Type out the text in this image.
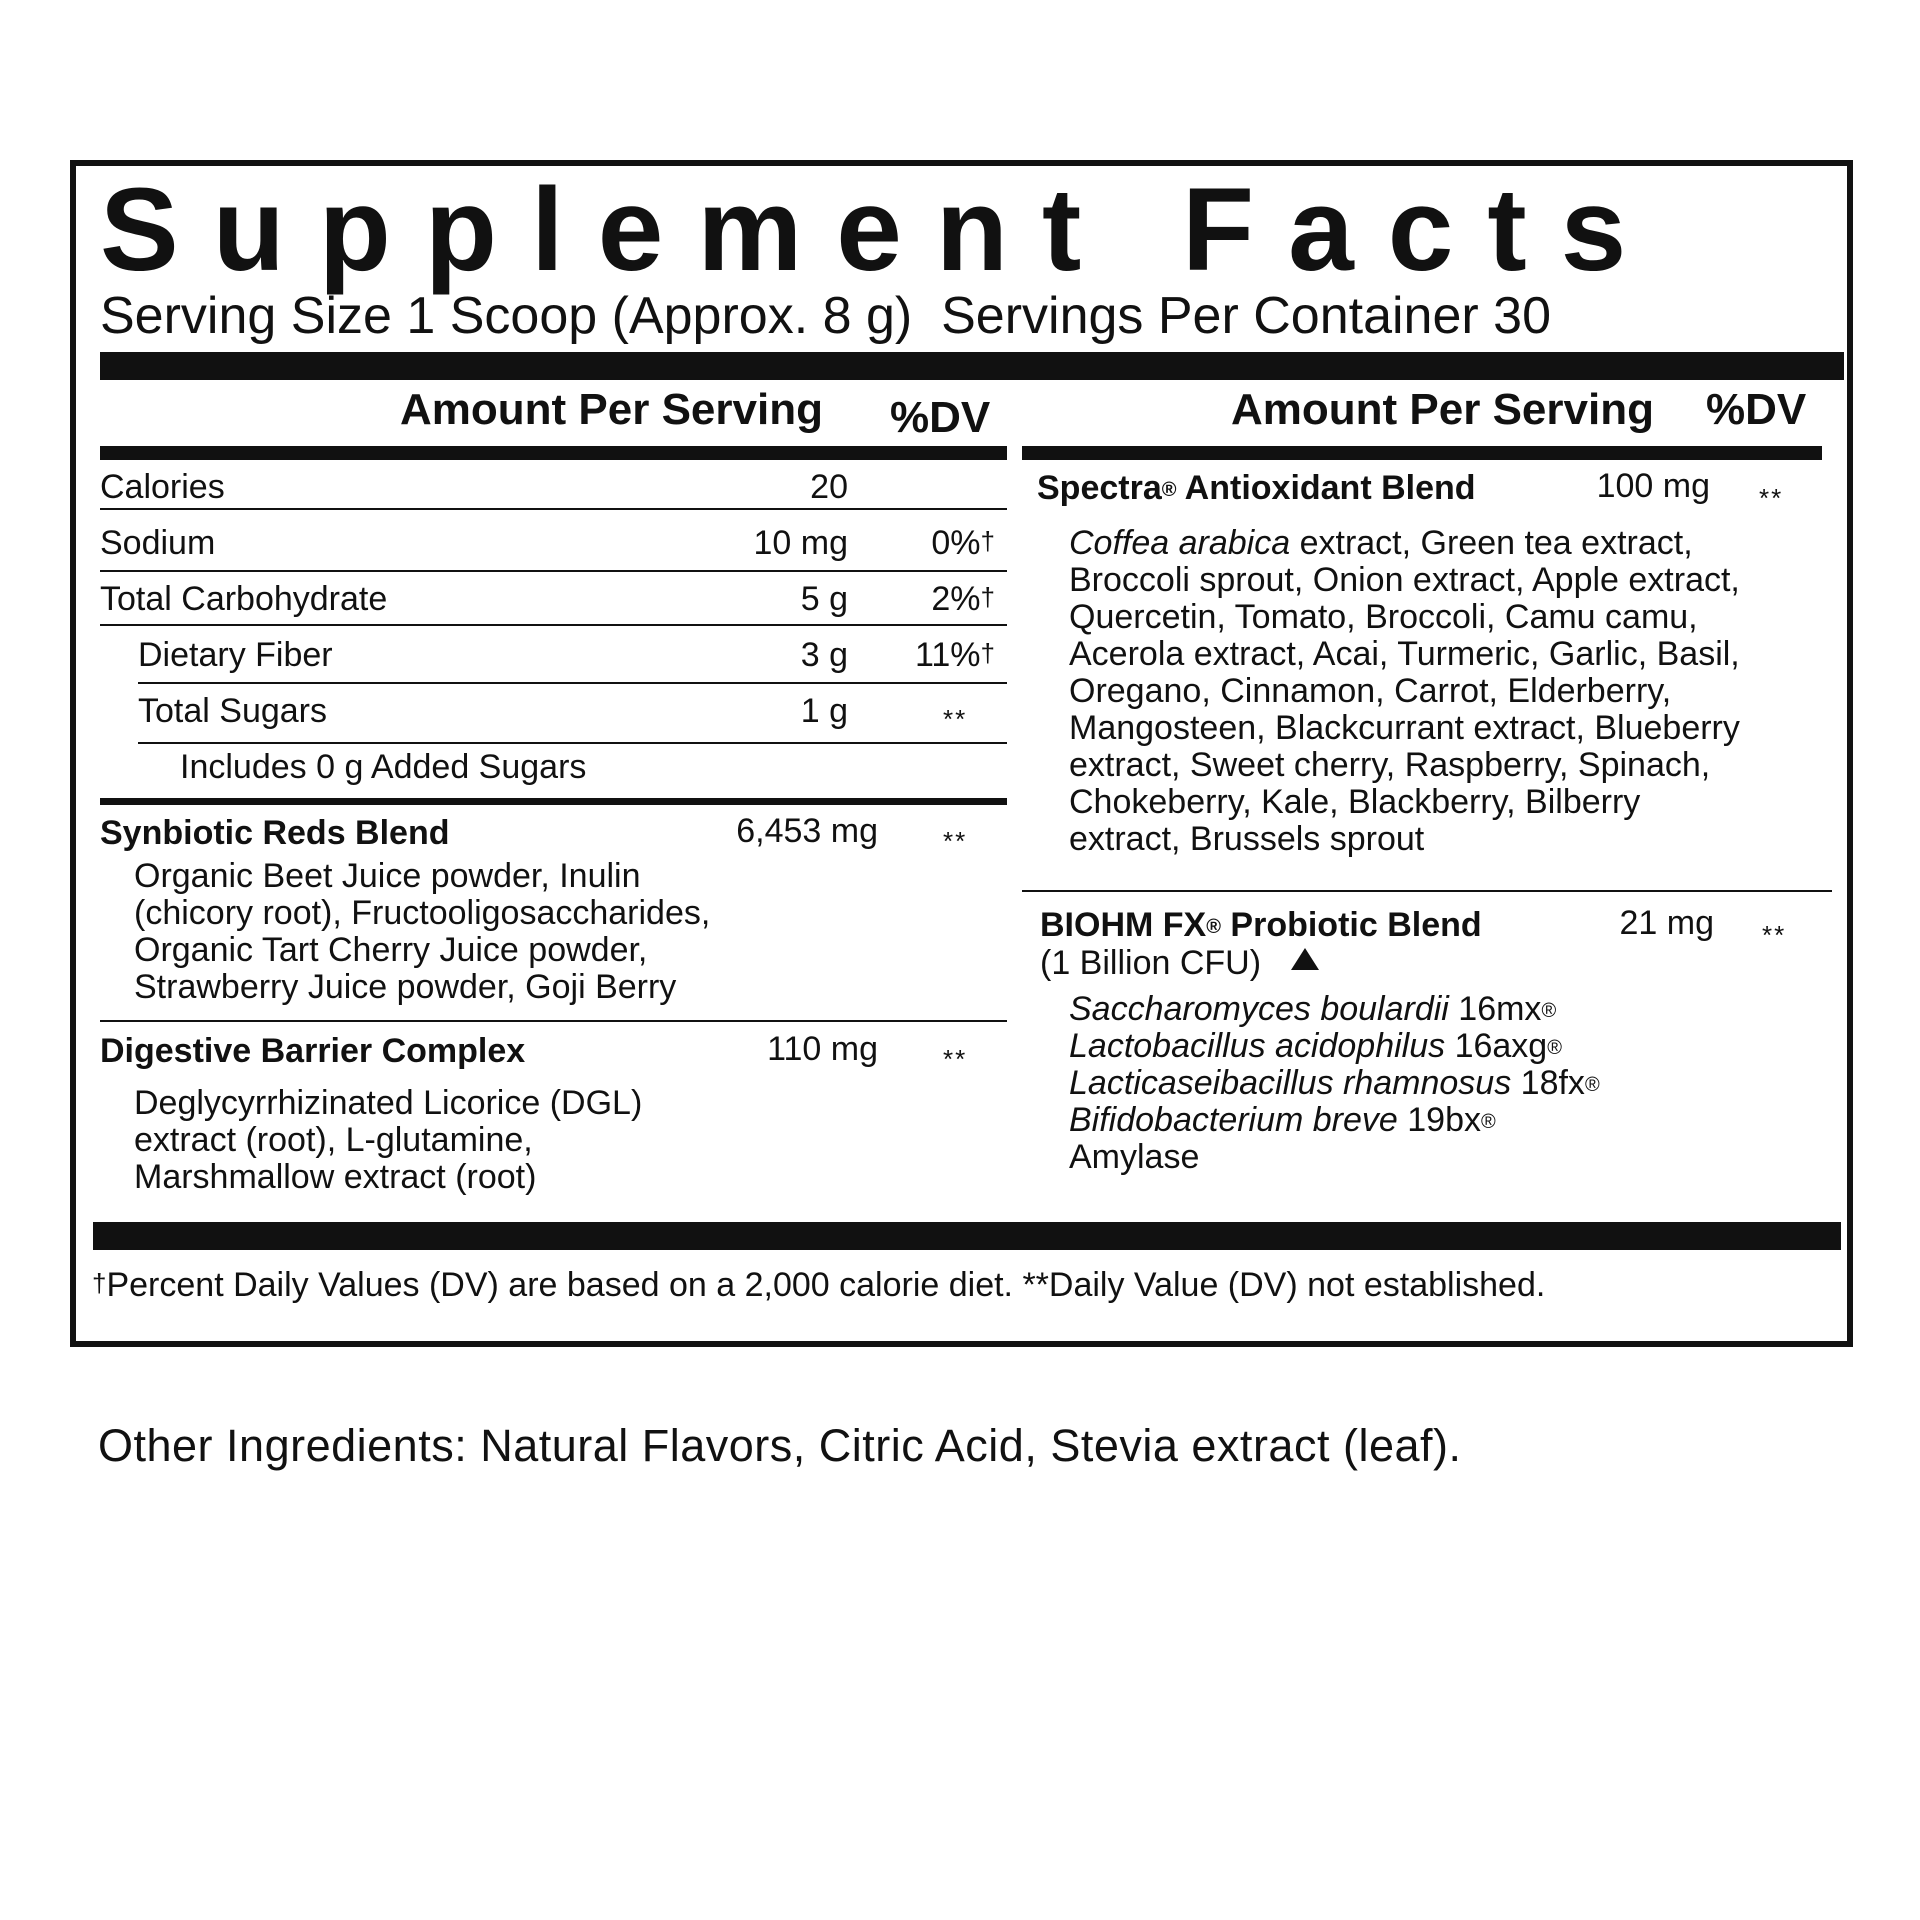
Supplement Facts
Serving Size 1 Scoop (Approx. 8 g) Servings Per Container 30
Amount Per Serving %DV
Calories	20
Sodium	10 mg	0%†
Total Carbohydrate	5 g	2%†
Dietary Fiber	3 g	11%†
Total Sugars	1 g	**
Includes 0 g Added Sugars
Synbiotic Reds Blend	6,453 mg	**
Organic Beet Juice powder, Inulin
(chicory root), Fructooligosaccharides,
Organic Tart Cherry Juice powder,
Strawberry Juice powder, Goji Berry
Digestive Barrier Complex	110 mg	**
Deglycyrrhizinated Licorice (DGL)
extract (root), L-glutamine,
Marshmallow extract (root)
Amount Per Serving %DV
Spectra® Antioxidant Blend	100 mg **
Coffea arabica extract, Green tea extract,
Broccoli sprout, Onion extract, Apple extract,
Quercetin, Tomato, Broccoli, Camu camu,
Acerola extract, Acai, Turmeric, Garlic, Basil,
Oregano, Cinnamon, Carrot, Elderberry,
Mangosteen, Blackcurrant extract, Blueberry
extract, Sweet cherry, Raspberry, Spinach,
Chokeberry, Kale, Blackberry, Bilberry
extract, Brussels sprout
BIOHM FX® Probiotic Blend	21 mg **
(1 Billion CFU)
Saccharomyces boulardii 16mx®
Lactobacillus acidophilus 16axg®
Lacticaseibacillus rhamnosus 18fx®
Bifidobacterium breve 19bx®
Amylase
†Percent Daily Values (DV) are based on a 2,000 calorie diet. **Daily Value (DV) not established.
Other Ingredients: Natural Flavors, Citric Acid, Stevia extract (leaf).
